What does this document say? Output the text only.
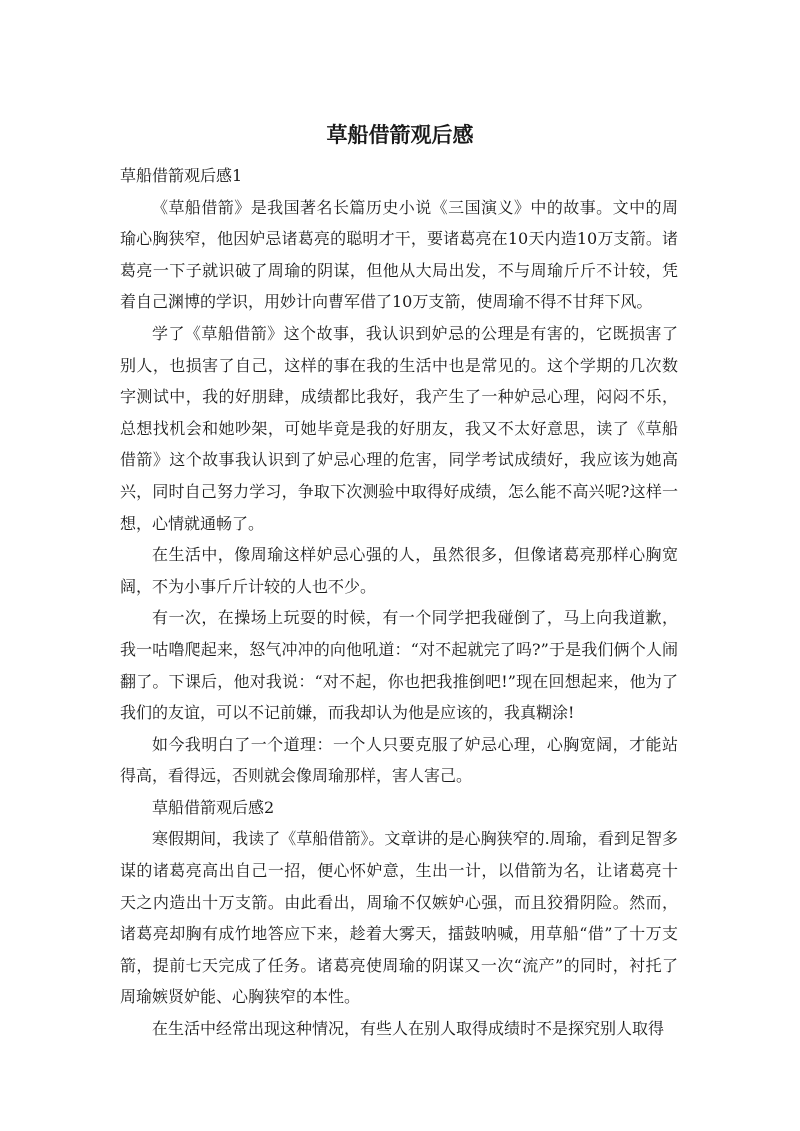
草船借箭观后感

草船借箭观后感1

《草船借箭》是我国著名长篇历史小说《三国演义》中的故事。文中的周瑜心胸狭窄，他因妒忌诸葛亮的聪明才干，要诸葛亮在10天内造10万支箭。诸葛亮一下子就识破了周瑜的阴谋，但他从大局出发，不与周瑜斤斤不计较，凭着自己渊博的学识，用妙计向曹军借了10万支箭，使周瑜不得不甘拜下风。

学了《草船借箭》这个故事，我认识到妒忌的公理是有害的，它既损害了别人，也损害了自己，这样的事在我的生活中也是常见的。这个学期的几次数字测试中，我的好朋肆，成绩都比我好，我产生了一种妒忌心理，闷闷不乐，总想找机会和她吵架，可她毕竟是我的好朋友，我又不太好意思，读了《草船借箭》这个故事我认识到了妒忌心理的危害，同学考试成绩好，我应该为她高兴，同时自己努力学习，争取下次测验中取得好成绩，怎么能不高兴呢?这样一想，心情就通畅了。

在生活中，像周瑜这样妒忌心强的人，虽然很多，但像诸葛亮那样心胸宽阔，不为小事斤斤计较的人也不少。

有一次，在操场上玩耍的时候，有一个同学把我碰倒了，马上向我道歉，我一咕噜爬起来，怒气冲冲的向他吼道：“对不起就完了吗?”于是我们俩个人闹翻了。下课后，他对我说：“对不起，你也把我推倒吧!”现在回想起来，他为了我们的友谊，可以不记前嫌，而我却认为他是应该的，我真糊涂!

如今我明白了一个道理：一个人只要克服了妒忌心理，心胸宽阔，才能站得高，看得远，否则就会像周瑜那样，害人害己。

草船借箭观后感2

寒假期间，我读了《草船借箭》。文章讲的是心胸狭窄的.周瑜，看到足智多谋的诸葛亮高出自己一招，便心怀妒意，生出一计，以借箭为名，让诸葛亮十天之内造出十万支箭。由此看出，周瑜不仅嫉妒心强，而且狡猾阴险。然而，诸葛亮却胸有成竹地答应下来，趁着大雾天，擂鼓呐喊，用草船“借”了十万支箭，提前七天完成了任务。诸葛亮使周瑜的阴谋又一次“流产”的同时，衬托了周瑜嫉贤妒能、心胸狭窄的本性。

在生活中经常出现这种情况，有些人在别人取得成绩时不是探究别人取得
